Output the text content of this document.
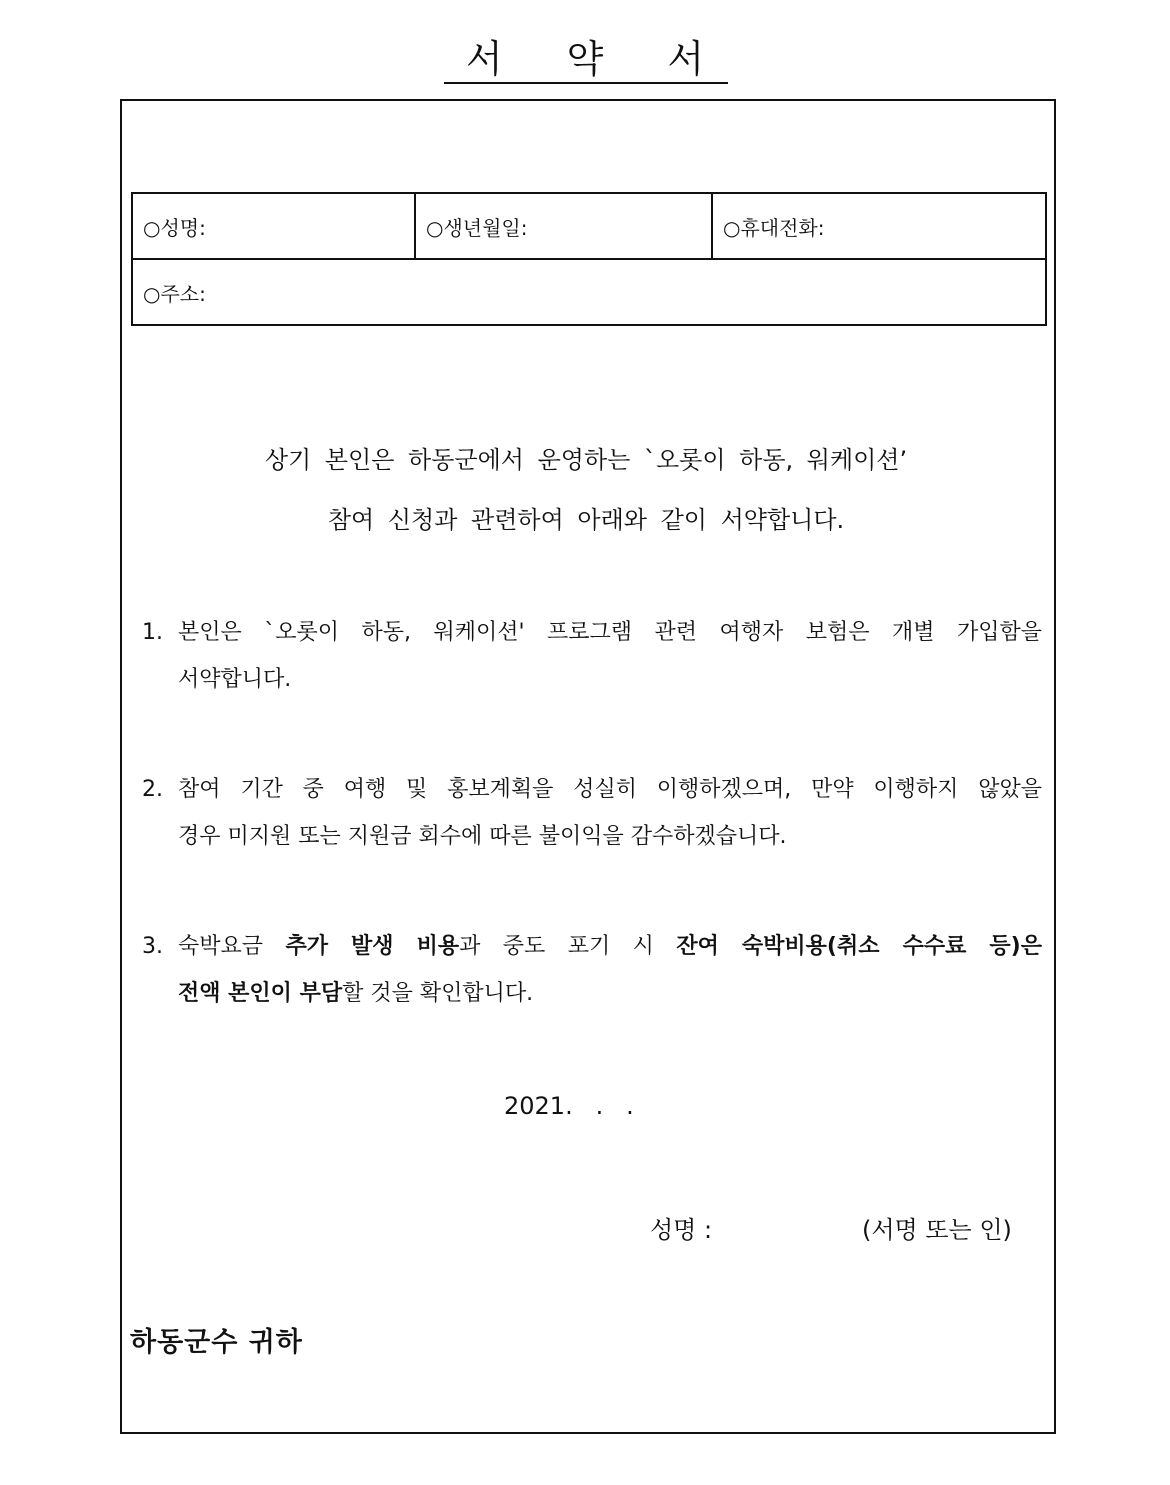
서 약 서
○성명:	○생년월일:	○휴대전화:
○주소:
상기 본인은 하동군에서 운영하는 `오롯이 하동, 워케이션’
참여 신청과 관련하여 아래와 같이 서약합니다.
1. 본인은 `오롯이 하동, 워케이션' 프로그램 관련 여행자 보험은 개별 가입함을
서약합니다.
2. 참여 기간 중 여행 및 홍보계획을 성실히 이행하겠으며, 만약 이행하지 않았을
경우 미지원 또는 지원금 회수에 따른 불이익을 감수하겠습니다.
3. 숙박요금 추가 발생 비용과 중도 포기 시 잔여 숙박비용(취소 수수료 등)은
전액 본인이 부담할 것을 확인합니다.
2021.   .   .
성명 :	(서명 또는 인)
하동군수 귀하
